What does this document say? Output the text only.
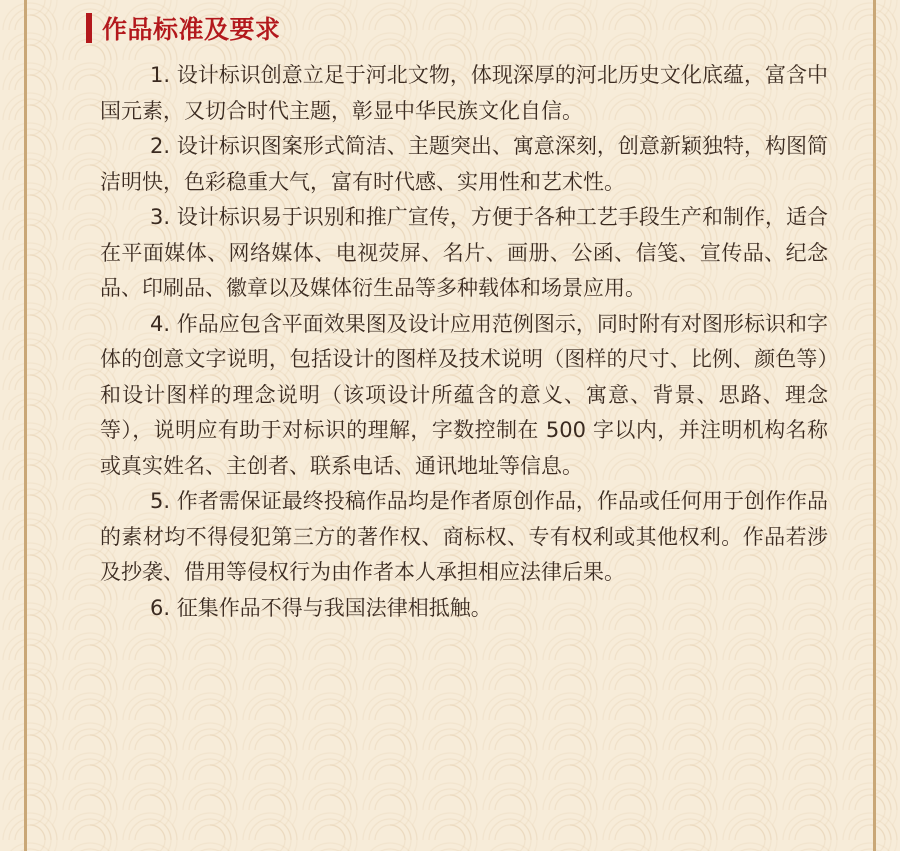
作品标准及要求

1. 设计标识创意立足于河北文物，体现深厚的河北历史文化底蕴，富含中国元素，又切合时代主题，彰显中华民族文化自信。

2. 设计标识图案形式简洁、主题突出、寓意深刻，创意新颖独特，构图简洁明快，色彩稳重大气，富有时代感、实用性和艺术性。

3. 设计标识易于识别和推广宣传，方便于各种工艺手段生产和制作，适合在平面媒体、网络媒体、电视荧屏、名片、画册、公函、信笺、宣传品、纪念品、印刷品、徽章以及媒体衍生品等多种载体和场景应用。

4. 作品应包含平面效果图及设计应用范例图示，同时附有对图形标识和字体的创意文字说明，包括设计的图样及技术说明（图样的尺寸、比例、颜色等）和设计图样的理念说明（该项设计所蕴含的意义、寓意、背景、思路、理念等），说明应有助于对标识的理解，字数控制在 500 字以内，并注明机构名称或真实姓名、主创者、联系电话、通讯地址等信息。

5. 作者需保证最终投稿作品均是作者原创作品，作品或任何用于创作作品的素材均不得侵犯第三方的著作权、商标权、专有权利或其他权利。作品若涉及抄袭、借用等侵权行为由作者本人承担相应法律后果。

6. 征集作品不得与我国法律相抵触。
